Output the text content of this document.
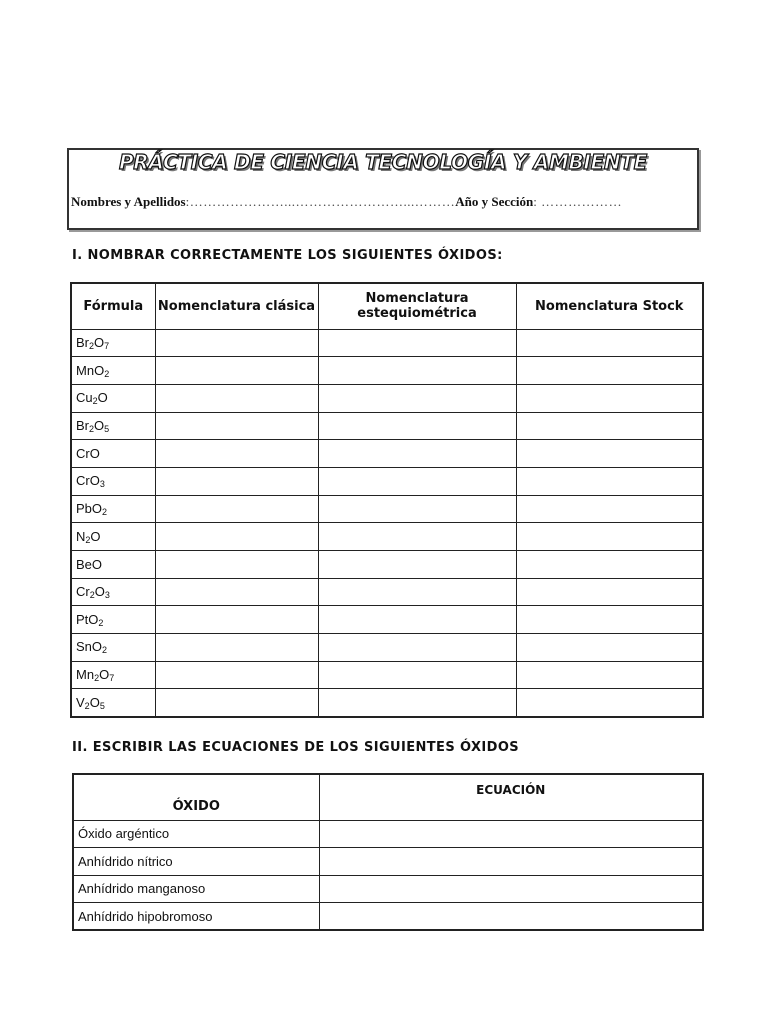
PRÁCTICA DE CIENCIA TECNOLOGÍA Y AMBIENTE
Nombres y Apellidos:…………………...……………………...………Año y Sección: ………………
I. NOMBRAR CORRECTAMENTE LOS SIGUIENTES ÓXIDOS:
Fórmula	Nomenclatura clásica	Nomenclatura estequiométrica	Nomenclatura Stock
$Br_2O_7$			
MnO$_2$			
$Cu_2O$			
$Br_2O_5$			
CrO			
CrO$_3$			
PbO$_2$			
$N_2O$			
BeO			
$Cr_2O_3$			
PtO$_2$			
SnO$_2$			
$Mn_2O_7$			
$V_2O_5$			
II. ESCRIBIR LAS ECUACIONES DE LOS SIGUIENTES ÓXIDOS
ÓXIDO	ECUACIÓN
Óxido argéntico	
Anhídrido nítrico	
Anhídrido manganoso	
Anhídrido hipobromoso	
